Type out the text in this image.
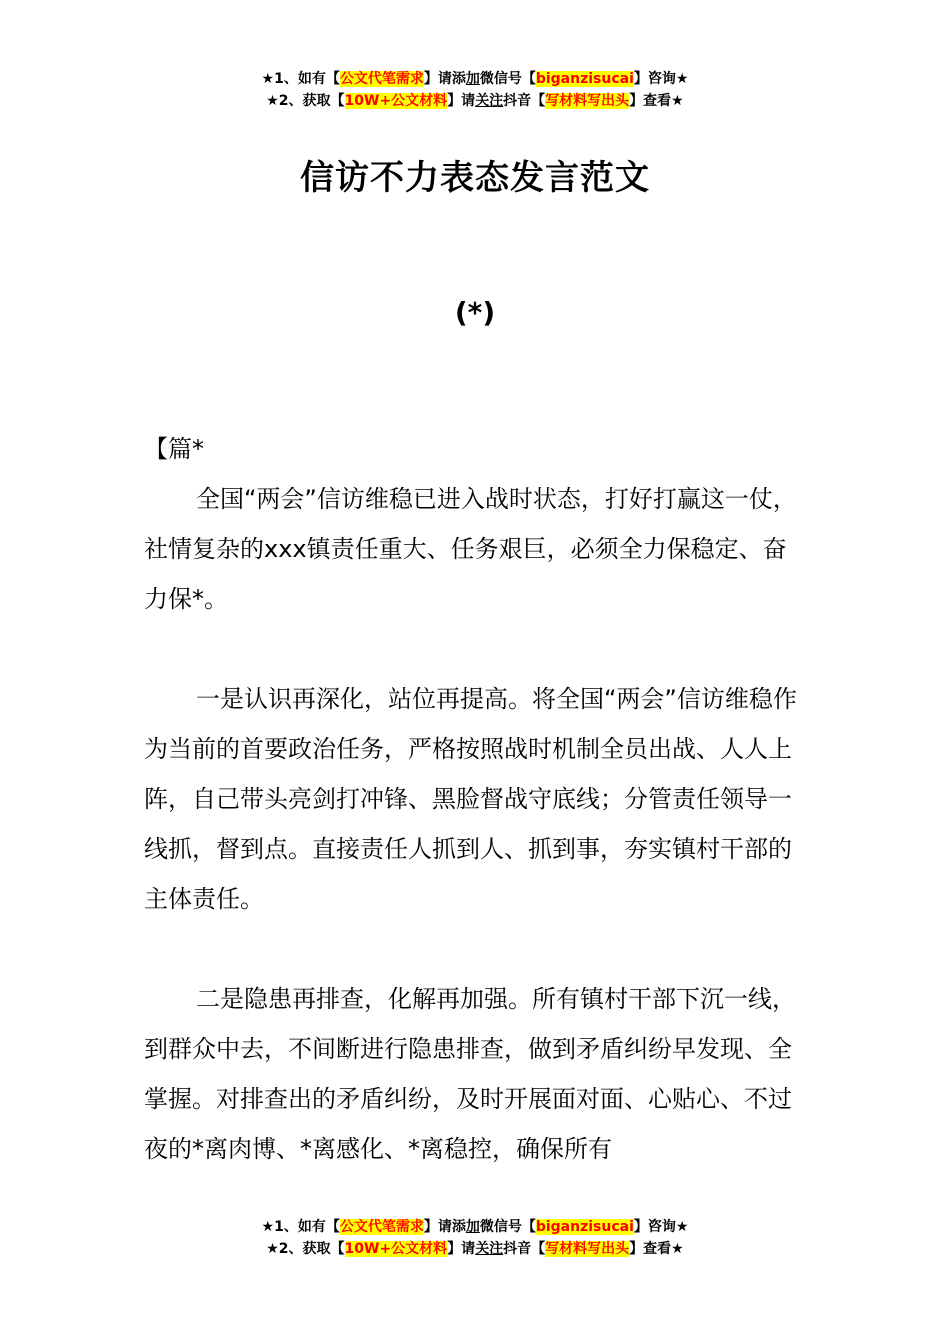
★1、如有【公文代笔需求】请添加微信号【biganzisucai】咨询★
★2、获取【10W+公文材料】请关注抖音【写材料写出头】查看★
信访不力表态发言范文
(*)

【篇*

全国“两会”信访维稳已进入战时状态，打好打赢这一仗，社情复杂的xxx镇责任重大、任务艰巨，必须全力保稳定、奋力保*。

一是认识再深化，站位再提高。将全国“两会”信访维稳作为当前的首要政治任务，严格按照战时机制全员出战、人人上阵，自己带头亮剑打冲锋、黑脸督战守底线；分管责任领导一线抓，督到点。直接责任人抓到人、抓到事，夯实镇村干部的主体责任。

二是隐患再排查，化解再加强。所有镇村干部下沉一线，到群众中去，不间断进行隐患排查，做到矛盾纠纷早发现、全掌握。对排查出的矛盾纠纷，及时开展面对面、心贴心、不过夜的*离肉博、*离感化、*离稳控，确保所有

★1、如有【公文代笔需求】请添加微信号【biganzisucai】咨询★
★2、获取【10W+公文材料】请关注抖音【写材料写出头】查看★
